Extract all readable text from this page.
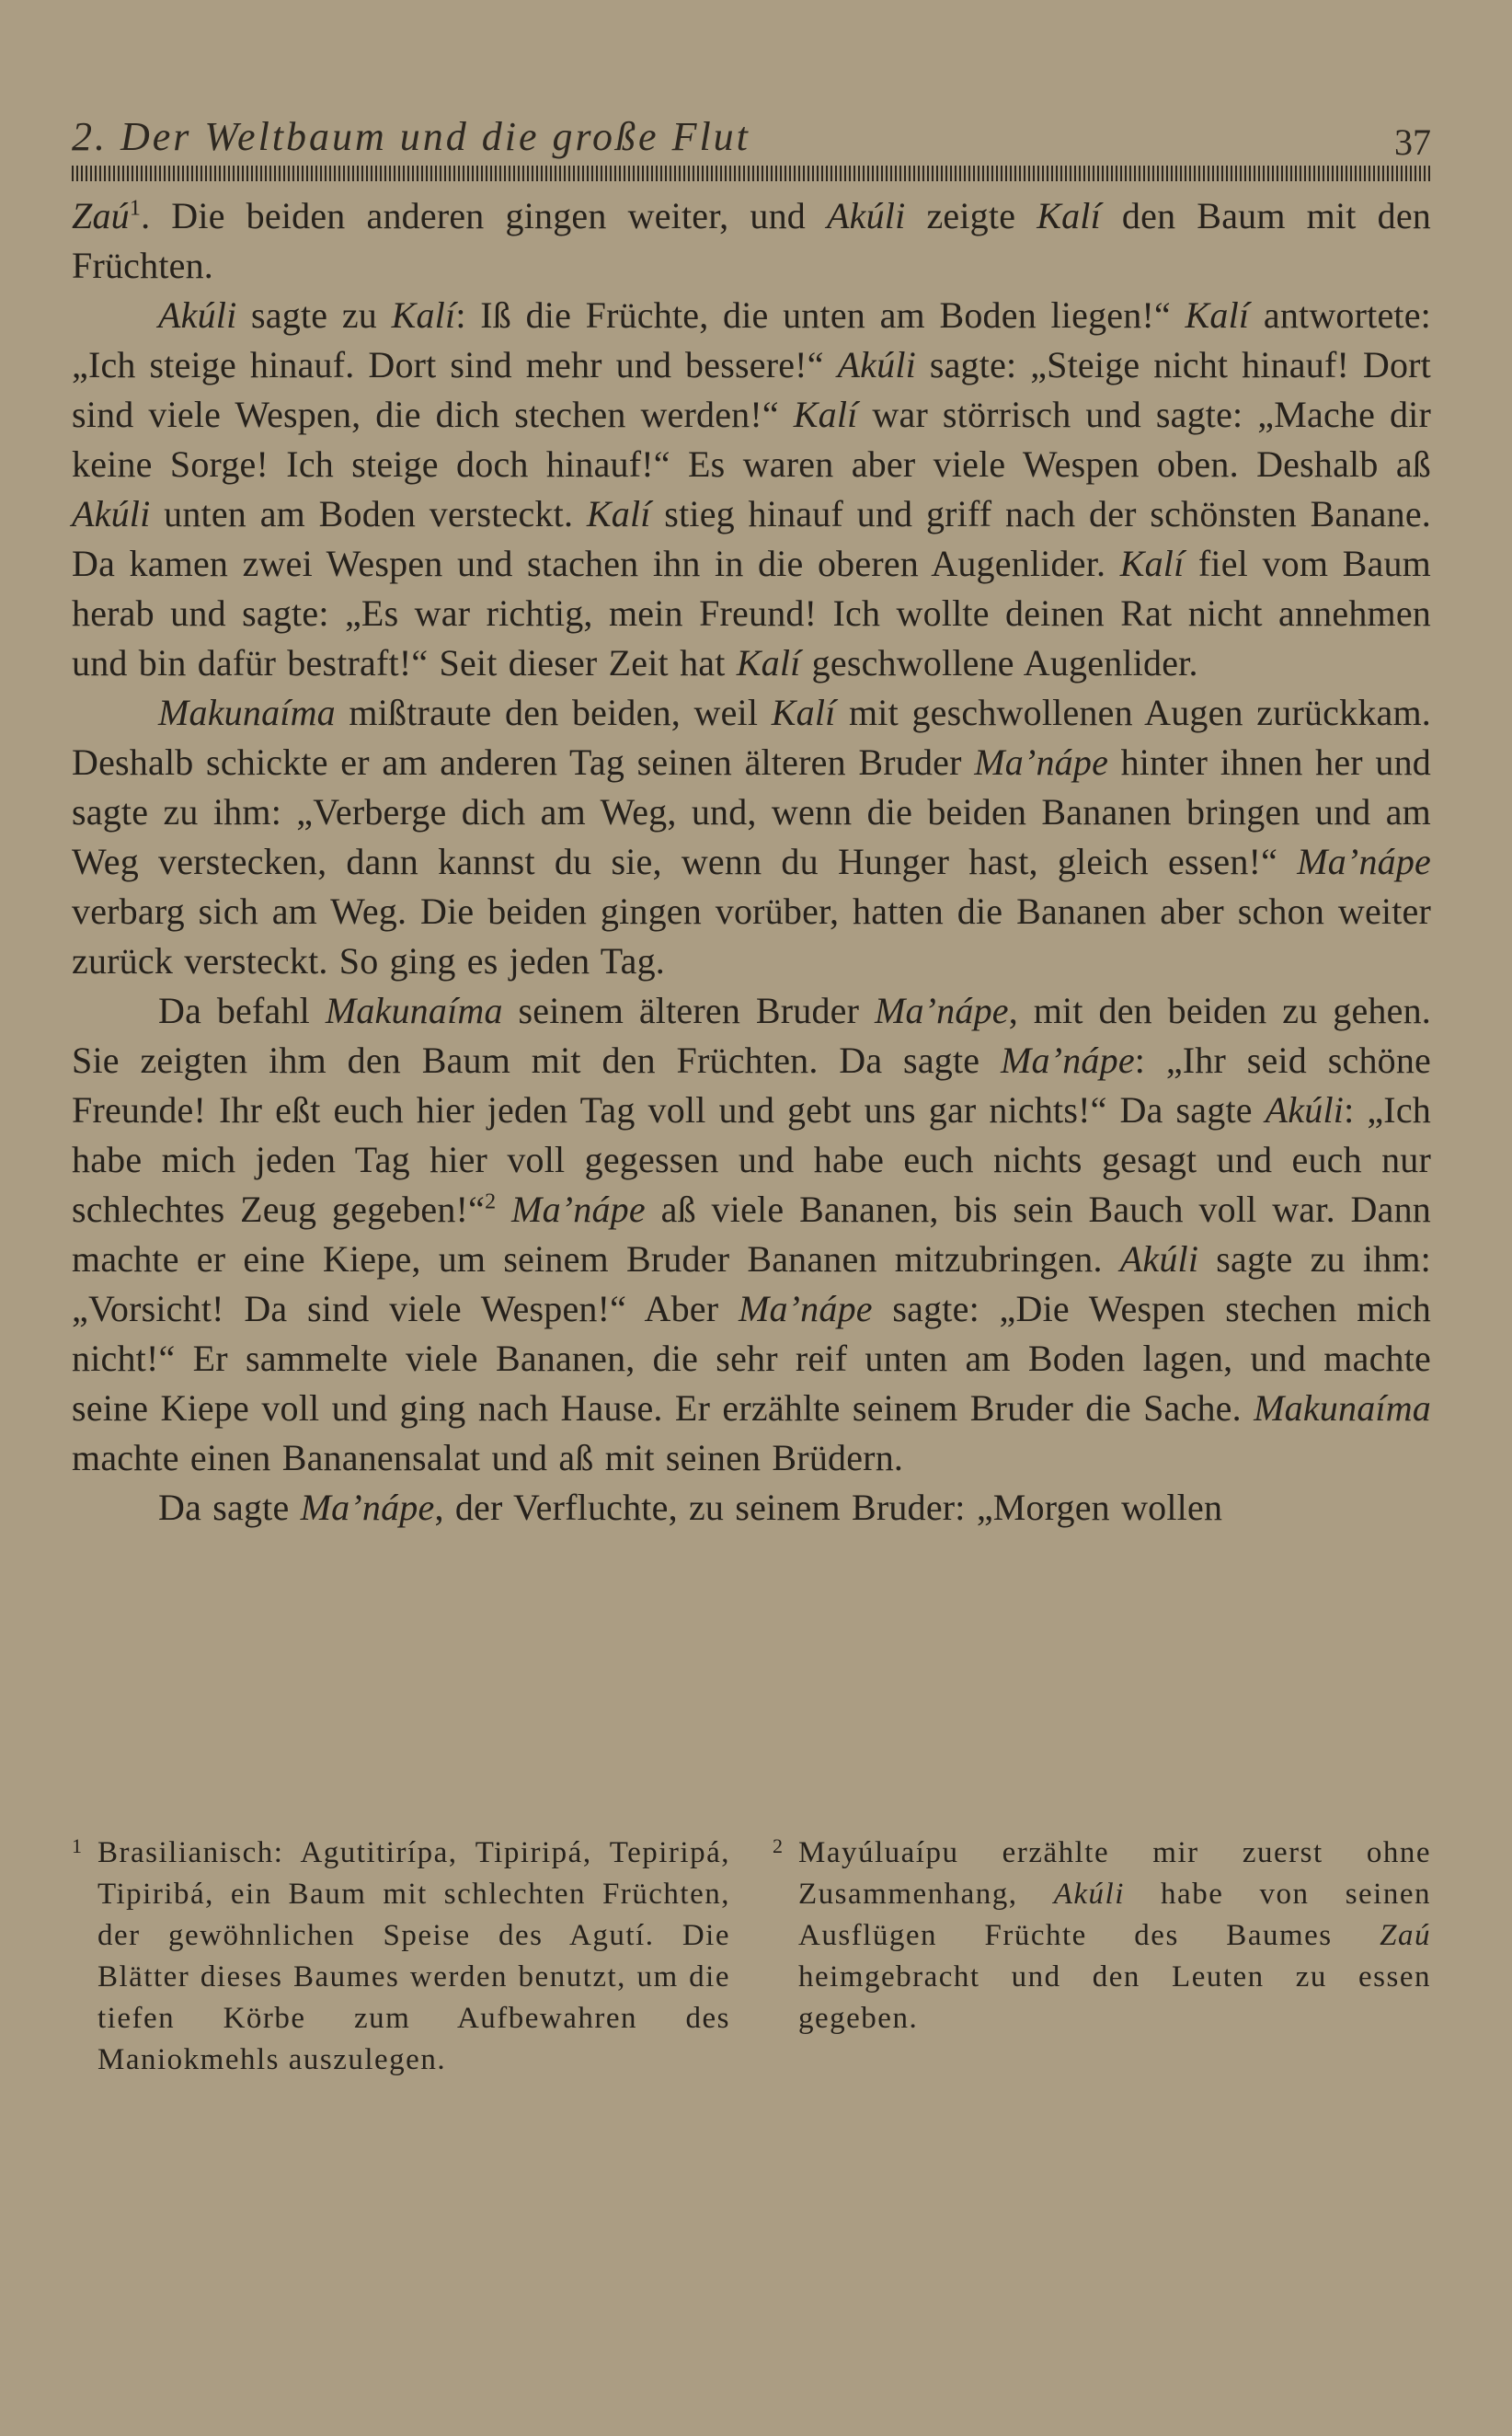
2. Der Weltbaum und die große Flut	37

Zaú$^1$. Die beiden anderen gingen weiter, und Akúli zeigte Kalí den Baum mit den Früchten.

Akúli sagte zu Kalí: Iß die Früchte, die unten am Boden liegen!“ Kalí antwortete: „Ich steige hinauf. Dort sind mehr und bessere!“ Akúli sagte: „Steige nicht hinauf! Dort sind viele Wespen, die dich stechen werden!“ Kalí war störrisch und sagte: „Mache dir keine Sorge! Ich steige doch hinauf!“ Es waren aber viele Wespen oben. Deshalb aß Akúli unten am Boden versteckt. Kalí stieg hinauf und griff nach der schönsten Banane. Da kamen zwei Wespen und stachen ihn in die oberen Augenlider. Kalí fiel vom Baum herab und sagte: „Es war richtig, mein Freund! Ich wollte deinen Rat nicht annehmen und bin dafür bestraft!“ Seit dieser Zeit hat Kalí geschwollene Augenlider.

Makunaíma mißtraute den beiden, weil Kalí mit geschwollenen Augen zurückkam. Deshalb schickte er am anderen Tag seinen älteren Bruder Ma’nápe hinter ihnen her und sagte zu ihm: „Verberge dich am Weg, und, wenn die beiden Bananen bringen und am Weg verstecken, dann kannst du sie, wenn du Hunger hast, gleich essen!“ Ma’nápe verbarg sich am Weg. Die beiden gingen vorüber, hatten die Bananen aber schon weiter zurück versteckt. So ging es jeden Tag.

Da befahl Makunaíma seinem älteren Bruder Ma’nápe, mit den beiden zu gehen. Sie zeigten ihm den Baum mit den Früchten. Da sagte Ma’nápe: „Ihr seid schöne Freunde! Ihr eßt euch hier jeden Tag voll und gebt uns gar nichts!“ Da sagte Akúli: „Ich habe mich jeden Tag hier voll gegessen und habe euch nichts gesagt und euch nur schlechtes Zeug gegeben!“$^2$ Ma’nápe aß viele Bananen, bis sein Bauch voll war. Dann machte er eine Kiepe, um seinem Bruder Bananen mitzubringen. Akúli sagte zu ihm: „Vorsicht! Da sind viele Wespen!“ Aber Ma’nápe sagte: „Die Wespen stechen mich nicht!“ Er sammelte viele Bananen, die sehr reif unten am Boden lagen, und machte seine Kiepe voll und ging nach Hause. Er erzählte seinem Bruder die Sache. Makunaíma machte einen Bananensalat und aß mit seinen Brüdern.

Da sagte Ma’nápe, der Verfluchte, zu seinem Bruder: „Morgen wollen

1 Brasilianisch: Agutitirípa, Tipiripá, Tepiripá, Tipiribá, ein Baum mit schlechten Früchten, der gewöhnlichen Speise des Agutí. Die Blätter dieses Baumes werden benutzt, um die tiefen Körbe zum Aufbewahren des Maniokmehls auszulegen.

2 Mayúluaípu erzählte mir zuerst ohne Zusammenhang, Akúli habe von seinen Ausflügen Früchte des Baumes Zaú heimgebracht und den Leuten zu essen gegeben.
